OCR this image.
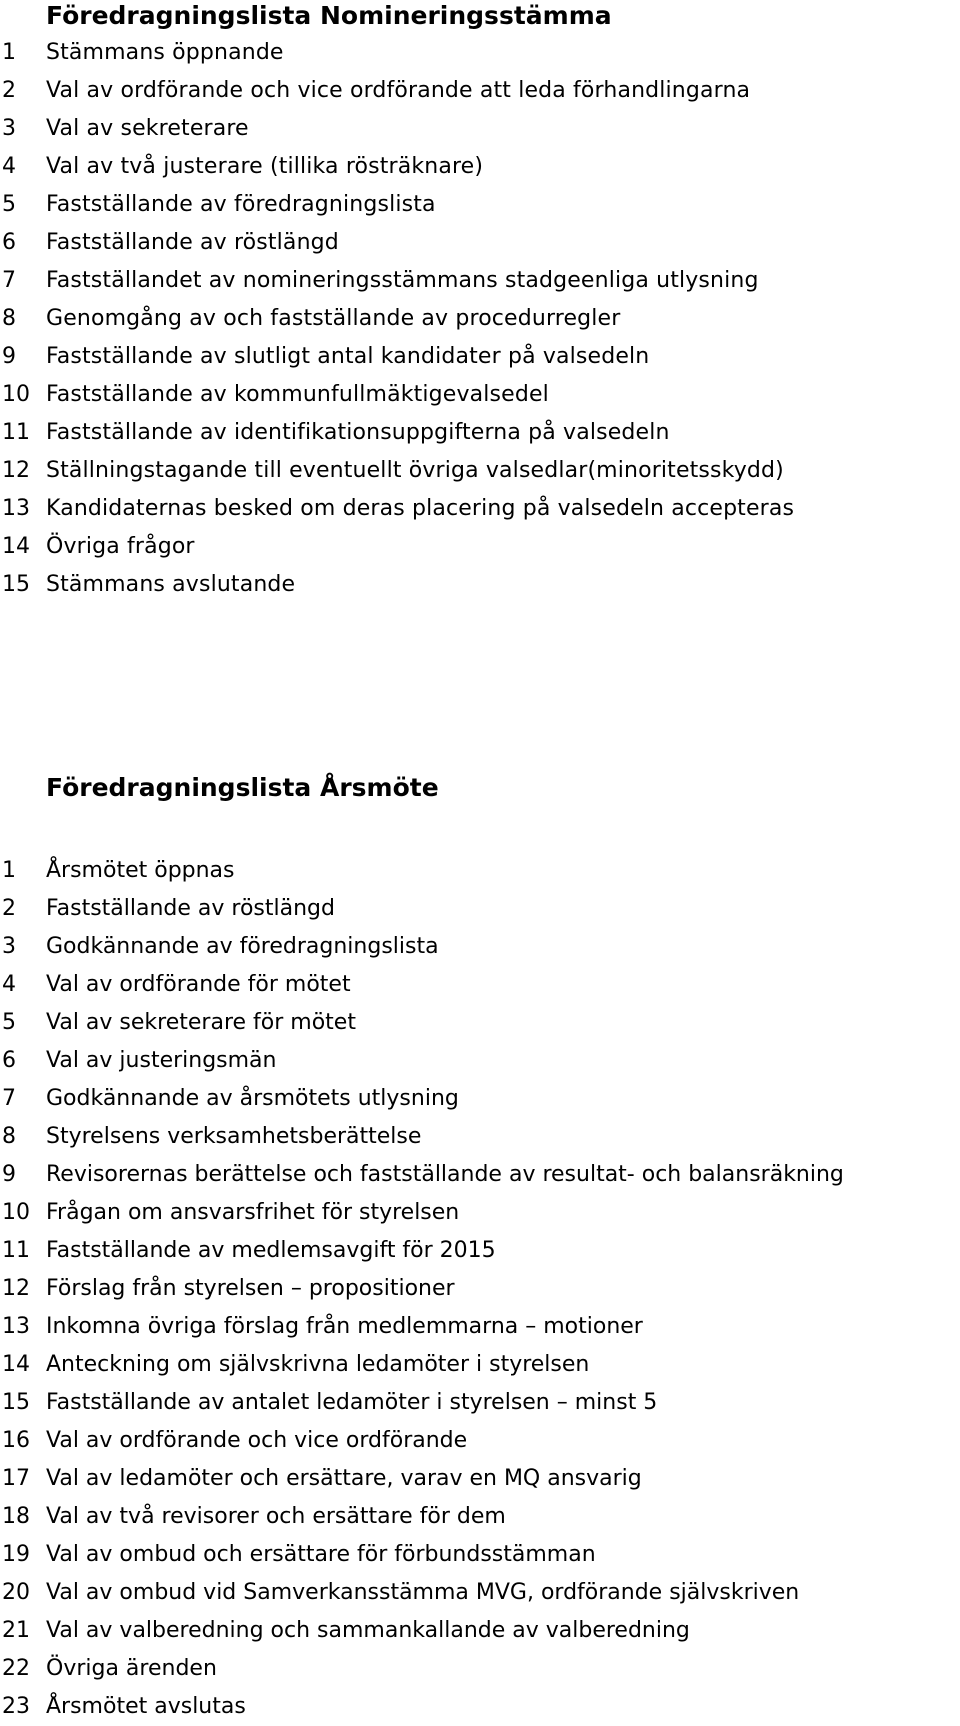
Föredragningslista Nomineringsstämma
1 Stämmans öppnande
2 Val av ordförande och vice ordförande att leda förhandlingarna
3 Val av sekreterare
4 Val av två justerare (tillika rösträknare)
5 Fastställande av föredragningslista
6 Fastställande av röstlängd
7 Fastställandet av nomineringsstämmans stadgeenliga utlysning
8 Genomgång av och fastställande av procedurregler
9 Fastställande av slutligt antal kandidater på valsedeln
10 Fastställande av kommunfullmäktigevalsedel
11 Fastställande av identifikationsuppgifterna på valsedeln
12 Ställningstagande till eventuellt övriga valsedlar(minoritetsskydd)
13 Kandidaternas besked om deras placering på valsedeln accepteras
14 Övriga frågor
15 Stämmans avslutande
Föredragningslista Årsmöte
1 Årsmötet öppnas
2 Fastställande av röstlängd
3 Godkännande av föredragningslista
4 Val av ordförande för mötet
5 Val av sekreterare för mötet
6 Val av justeringsmän
7 Godkännande av årsmötets utlysning
8 Styrelsens verksamhetsberättelse
9 Revisorernas berättelse och fastställande av resultat- och balansräkning
10 Frågan om ansvarsfrihet för styrelsen
11 Fastställande av medlemsavgift för 2015
12 Förslag från styrelsen – propositioner
13 Inkomna övriga förslag från medlemmarna – motioner
14 Anteckning om självskrivna ledamöter i styrelsen
15 Fastställande av antalet ledamöter i styrelsen – minst 5
16 Val av ordförande och vice ordförande
17 Val av ledamöter och ersättare, varav en MQ ansvarig
18 Val av två revisorer och ersättare för dem
19 Val av ombud och ersättare för förbundsstämman
20 Val av ombud vid Samverkansstämma MVG, ordförande självskriven
21 Val av valberedning och sammankallande av valberedning
22 Övriga ärenden
23 Årsmötet avslutas
